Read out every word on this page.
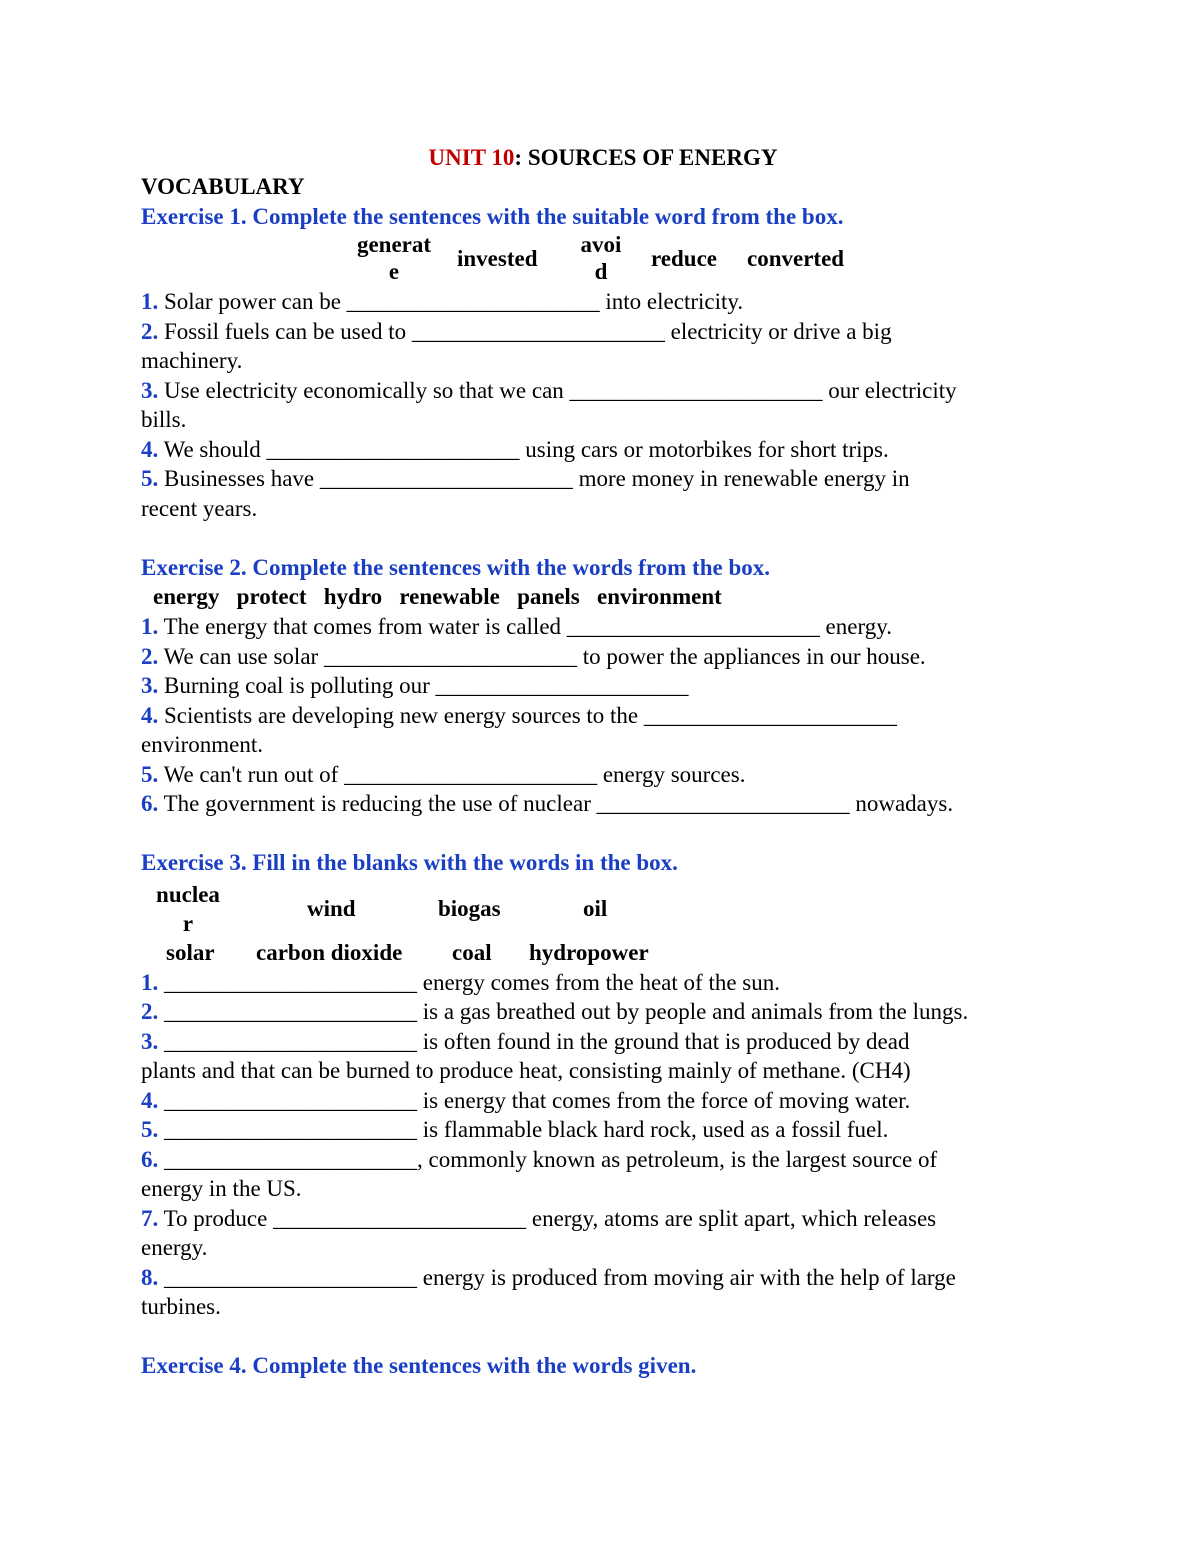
UNIT 10: SOURCES OF ENERGY

VOCABULARY

Exercise 1. Complete the sentences with the suitable word from the box.

generat
e
invested
avoi
d
reduce converted

1. Solar power can be ______________________ into electricity.

2. Fossil fuels can be used to ______________________ electricity or drive a big

machinery.

3. Use electricity economically so that we can ______________________ our electricity

bills.

4. We should ______________________ using cars or motorbikes for short trips.

5. Businesses have ______________________ more money in renewable energy in

recent years.

Exercise 2. Complete the sentences with the words from the box.

energy   protect   hydro   renewable   panels   environment

1. The energy that comes from water is called ______________________ energy.

2. We can use solar ______________________ to power the appliances in our house.

3. Burning coal is polluting our ______________________

4. Scientists are developing new energy sources to the ______________________

environment.

5. We can't run out of ______________________ energy sources.

6. The government is reducing the use of nuclear ______________________ nowadays.

Exercise 3. Fill in the blanks with the words in the box.

nuclea
r
wind	biogas	oil
solar carbon dioxide coal hydropower

1. ______________________ energy comes from the heat of the sun.

2. ______________________ is a gas breathed out by people and animals from the lungs.

3. ______________________ is often found in the ground that is produced by dead

plants and that can be burned to produce heat, consisting mainly of methane. (CH4)

4. ______________________ is energy that comes from the force of moving water.

5. ______________________ is flammable black hard rock, used as a fossil fuel.

6. ______________________, commonly known as petroleum, is the largest source of

energy in the US.

7. To produce ______________________ energy, atoms are split apart, which releases

energy.

8. ______________________ energy is produced from moving air with the help of large

turbines.

Exercise 4. Complete the sentences with the words given.
